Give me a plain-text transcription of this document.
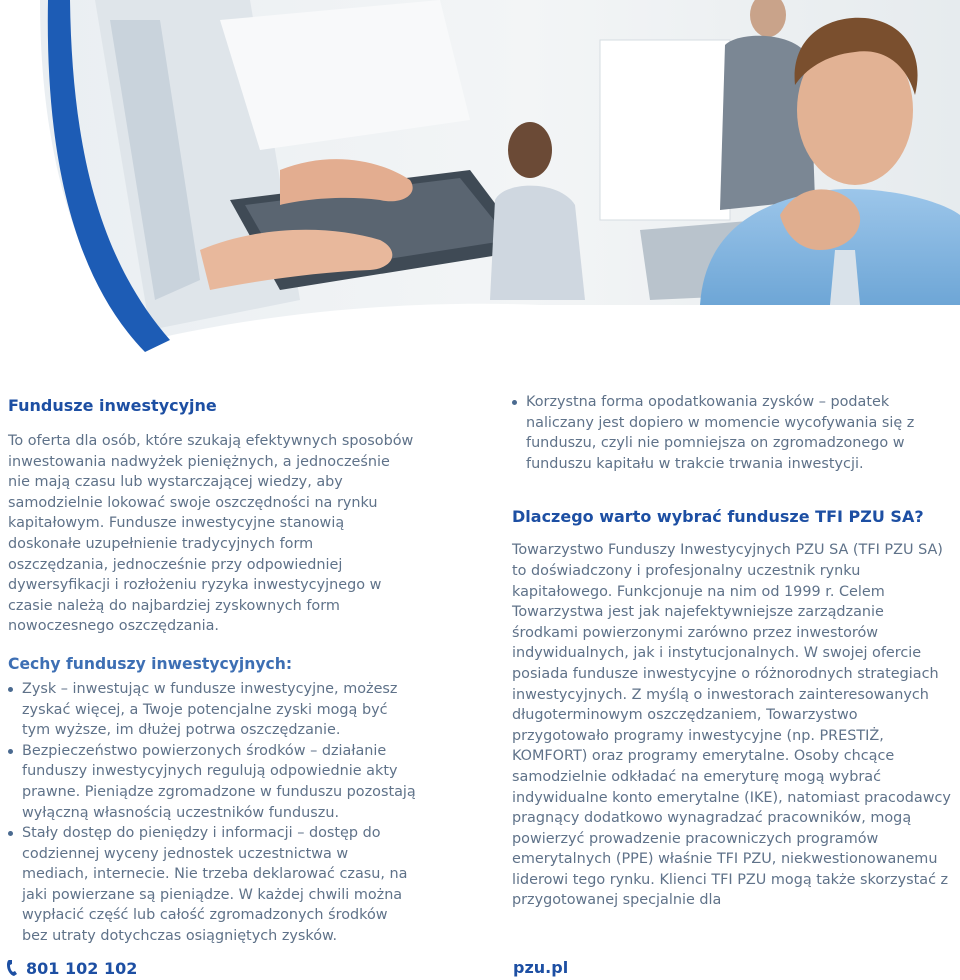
Fundusze inwestycyjne

To oferta dla osób, które szukają efektywnych sposobów inwestowania nadwyżek pieniężnych, a jednocześnie nie mają czasu lub wystarczającej wiedzy, aby samodzielnie lokować swoje oszczędności na rynku kapitałowym. Fundusze inwestycyjne stanowią doskonałe uzupełnienie tradycyjnych form oszczędzania, jednocześnie przy odpowiedniej dywersyfikacji i rozłożeniu ryzyka inwestycyjnego w czasie należą do najbardziej zyskownych form nowoczesnego oszczędzania.

Cechy funduszy inwestycyjnych:
Zysk – inwestując w fundusze inwestycyjne, możesz zyskać więcej, a Twoje potencjalne zyski mogą być tym wyższe, im dłużej potrwa oszczędzanie.
Bezpieczeństwo powierzonych środków – działanie funduszy inwestycyjnych regulują odpowiednie akty prawne. Pieniądze zgromadzone w funduszu pozostają wyłączną własnością uczestników funduszu.
Stały dostęp do pieniędzy i informacji – dostęp do codziennej wyceny jednostek uczestnictwa w mediach, internecie. Nie trzeba deklarować czasu, na jaki powierzane są pieniądze. W każdej chwili można wypłacić część lub całość zgromadzonych środków bez utraty dotychczas osiągniętych zysków.
Korzystna forma opodatkowania zysków – podatek naliczany jest dopiero w momencie wycofywania się z funduszu, czyli nie pomniejsza on zgromadzonego w funduszu kapitału w trakcie trwania inwestycji.
Dlaczego warto wybrać fundusze TFI PZU SA?

Towarzystwo Funduszy Inwestycyjnych PZU SA (TFI PZU SA) to doświadczony i profesjonalny uczestnik rynku kapitałowego. Funkcjonuje na nim od 1999 r. Celem Towarzystwa jest jak najefektywniejsze zarządzanie środkami powierzonymi zarówno przez inwestorów indywidualnych, jak i instytucjonalnych. W swojej ofercie posiada fundusze inwestycyjne o różnorodnych strategiach inwestycyjnych. Z myślą o inwestorach zainteresowanych długoterminowym oszczędzaniem, Towarzystwo przygotowało programy inwestycyjne (np. PRESTIŻ, KOMFORT) oraz programy emerytalne. Osoby chcące samodzielnie odkładać na emeryturę mogą wybrać indywidualne konto emerytalne (IKE), natomiast pracodawcy pragnący dodatkowo wynagradzać pracowników, mogą powierzyć prowadzenie pracowniczych programów emerytalnych (PPE) właśnie TFI PZU, niekwestionowanemu liderowi tego rynku. Klienci TFI PZU mogą także skorzystać z przygotowanej specjalnie dla

801 102 102	pzu.pl
